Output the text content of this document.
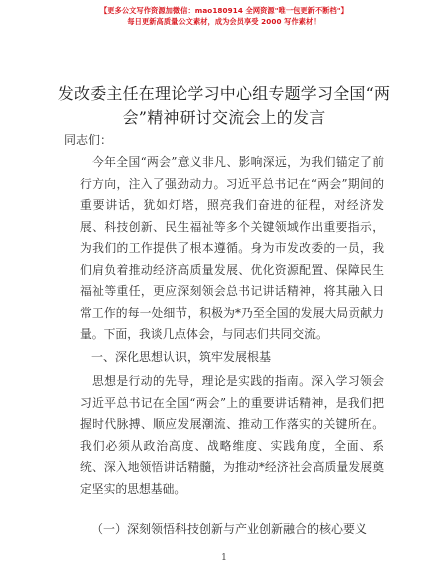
【更多公文写作资源加微信：mao180914 全网资源"唯一包更新不断档"】
每日更新高质量公文素材，成为会员享受 2000 写作素材！
发改委主任在理论学习中心组专题学习全国“两会”精神研讨交流会上的发言
同志们：
今年全国“两会”意义非凡、影响深远，为我们锚定了前行方向，注入了强劲动力。习近平总书记在“两会”期间的重要讲话，犹如灯塔，照亮我们奋进的征程，对经济发展、科技创新、民生福祉等多个关键领域作出重要指示，为我们的工作提供了根本遵循。身为市发改委的一员，我们肩负着推动经济高质量发展、优化资源配置、保障民生福祉等重任，更应深刻领会总书记讲话精神，将其融入日常工作的每一处细节，积极为*乃至全国的发展大局贡献力量。下面，我谈几点体会，与同志们共同交流。
一、深化思想认识，筑牢发展根基
思想是行动的先导，理论是实践的指南。深入学习领会习近平总书记在全国“两会”上的重要讲话精神，是我们把握时代脉搏、顺应发展潮流、推动工作落实的关键所在。我们必须从政治高度、战略维度、实践角度，全面、系统、深入地领悟讲话精髓，为推动*经济社会高质量发展奠定坚实的思想基础。
（一）深刻领悟科技创新与产业创新融合的核心要义
1
